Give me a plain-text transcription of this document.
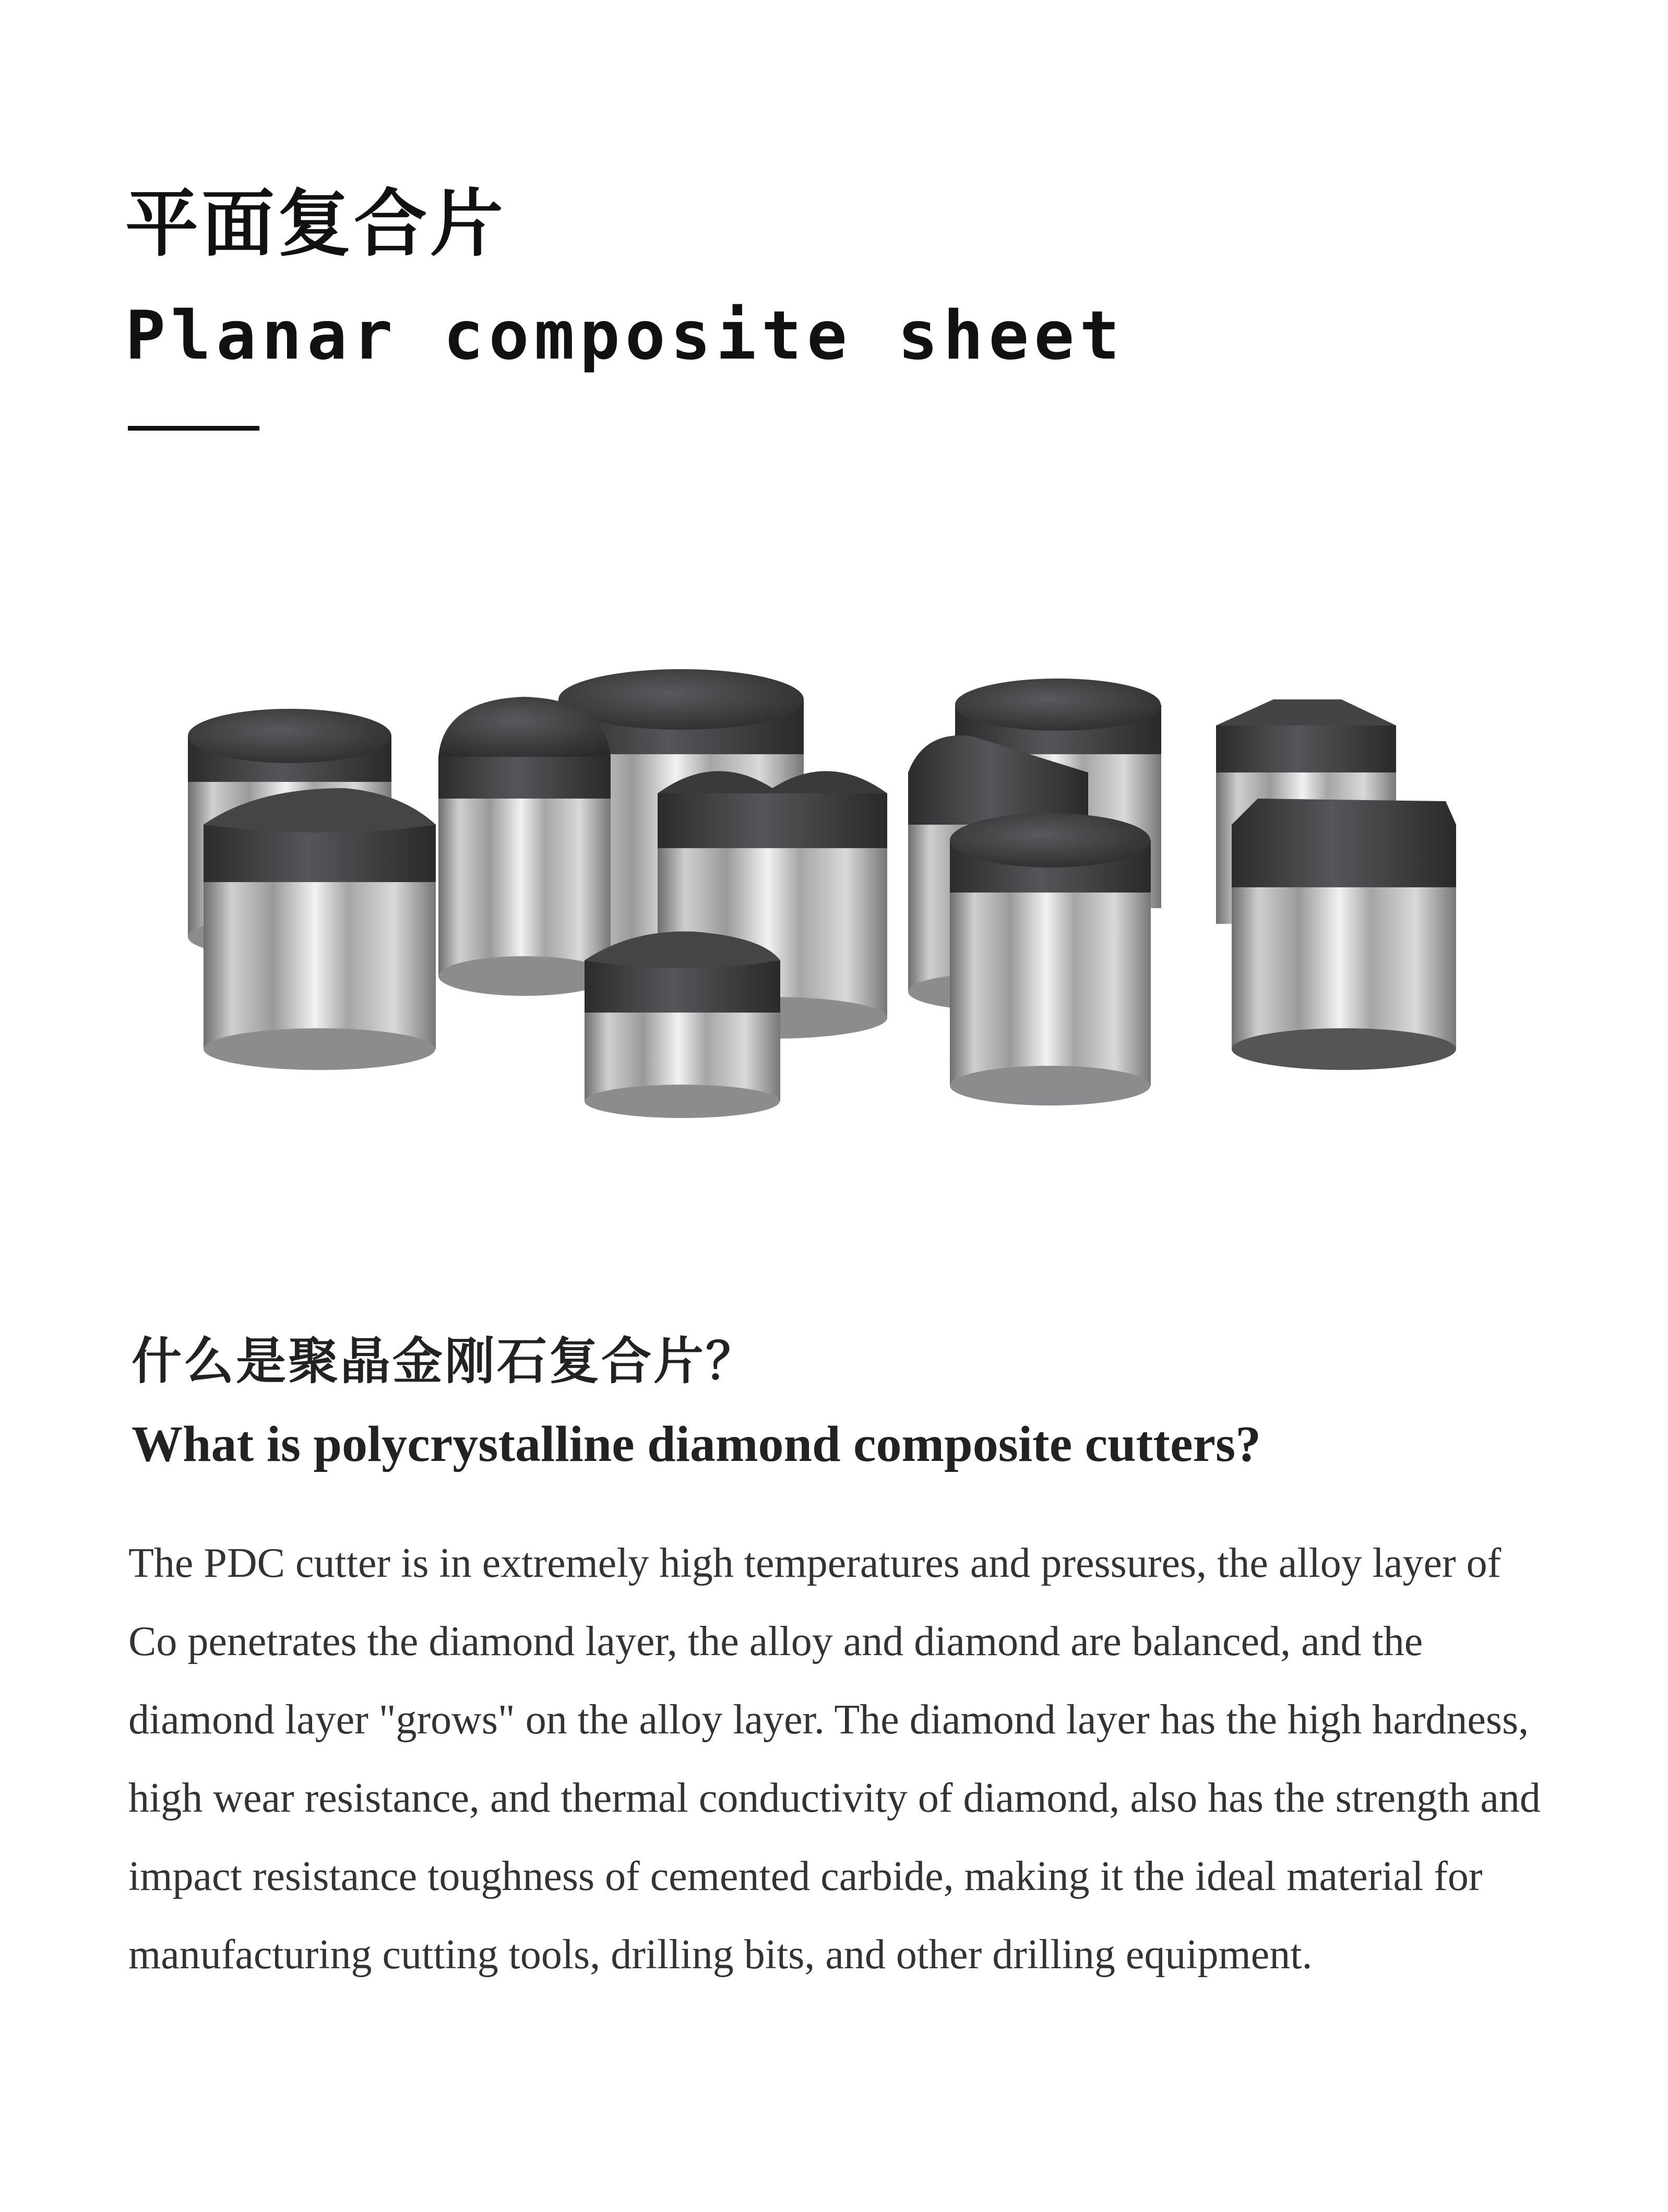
平面复合片
Planar composite sheet
什么是聚晶金刚石复合片？
What is polycrystalline diamond composite cutters?

The PDC cutter is in extremely high temperatures and pressures, the alloy layer of Co penetrates the diamond layer, the alloy and diamond are balanced, and the diamond layer "grows" on the alloy layer. The diamond layer has the high hardness, high wear resistance, and thermal conductivity of diamond, also has the strength and impact resistance toughness of cemented carbide, making it the ideal material for manufacturing cutting tools, drilling bits, and other drilling equipment.
